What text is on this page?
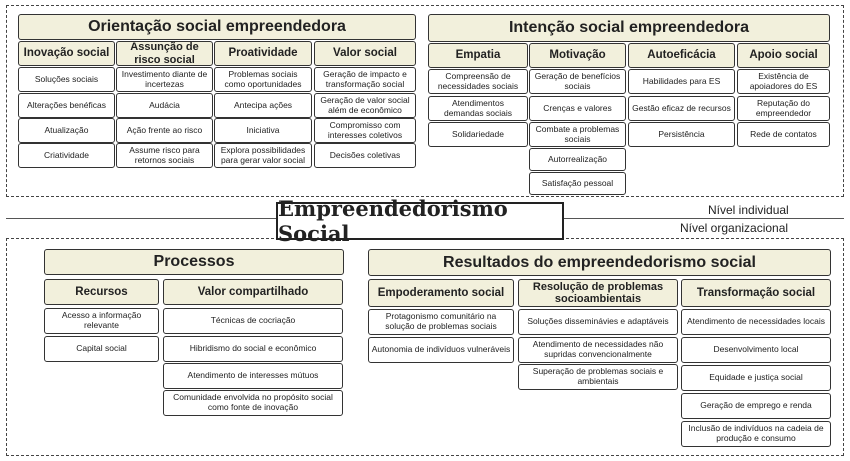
Empreendedorismo Social
Nível individual
Nível organizacional
Orientação social empreendedora
Inovação social
Soluções sociais
Alterações benéficas
Atualização
Criatividade
Assunção de risco social
Investimento diante de incertezas
Audácia
Ação frente ao risco
Assume risco para retornos sociais
Proatividade
Problemas sociais como oportunidades
Antecipa ações
Iniciativa
Explora possibilidades para gerar valor social
Valor social
Geração de impacto e transformação social
Geração de valor social além de econômico
Compromisso com interesses coletivos
Decisões coletivas
Intenção social empreendedora
Empatia
Compreensão de necessidades sociais
Atendimentos demandas sociais
Solidariedade
Motivação
Geração de benefícios sociais
Crenças e valores
Combate a problemas sociais
Autorrealização
Satisfação pessoal
Autoeficácia
Habilidades para ES
Gestão eficaz de recursos
Persistência
Apoio social
Existência de apoiadores do ES
Reputação do empreendedor
Rede de contatos
Processos
Recursos
Acesso a informação relevante
Capital social
Valor compartilhado
Técnicas de cocriação
Hibridismo do social e econômico
Atendimento de interesses mútuos
Comunidade envolvida no propósito social como fonte de inovação
Resultados do empreendedorismo social
Empoderamento social
Protagonismo comunitário na solução de problemas sociais
Autonomia de indivíduos vulneráveis
Resolução de problemas socioambientais
Soluções disseminávies e adaptáveis
Atendimento de necessidades não supridas convencionalmente
Superação de problemas sociais e ambientais
Transformação social
Atendimento de necessidades locais
Desenvolvimento local
Equidade e justiça social
Geração de emprego e renda
Inclusão de indivíduos na cadeia de produção e consumo
